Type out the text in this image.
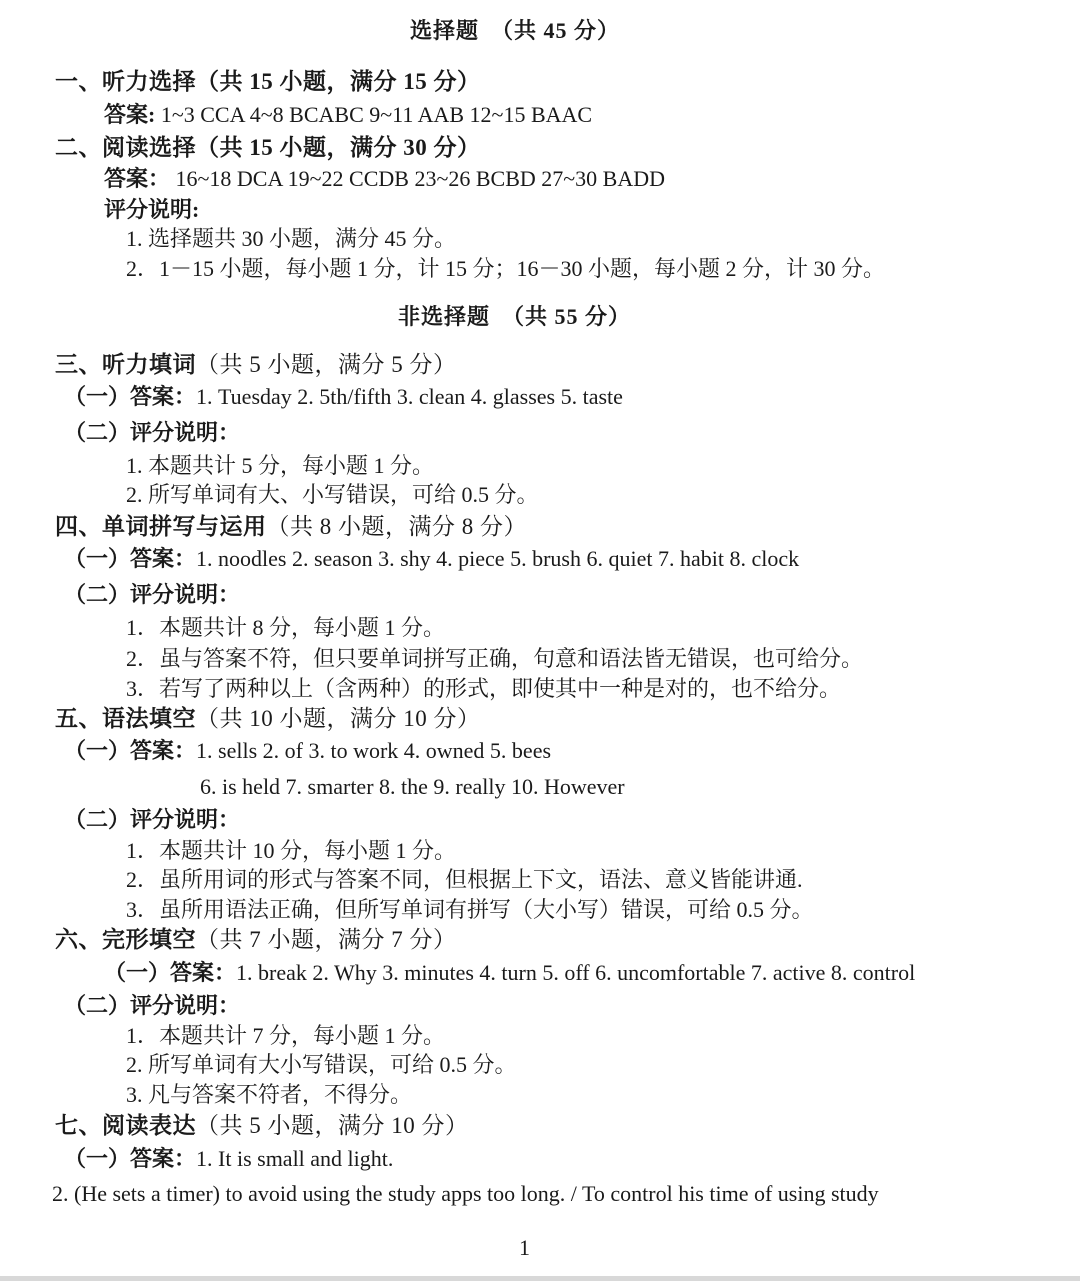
选择题　（共 45 分）
一、听力选择（共 15 小题，满分 15 分）
答案: 1~3 CCA 4~8 BCABC 9~11 AAB 12~15 BAAC
二、阅读选择（共 15 小题，满分 30 分）
答案： 16~18 DCA 19~22 CCDB 23~26 BCBD 27~30 BADD
评分说明:
1. 选择题共 30 小题，满分 45 分。
2．1－15 小题，每小题 1 分，计 15 分；16－30 小题，每小题 2 分，计 30 分。
非选择题　（共 55 分）
三、听力填词（共 5 小题，满分 5 分）
（一）答案：1. Tuesday 2. 5th/fifth 3. clean 4. glasses 5. taste
（二）评分说明：
1. 本题共计 5 分，每小题 1 分。
2. 所写单词有大、小写错误，可给 0.5 分。
四、单词拼写与运用（共 8 小题，满分 8 分）
（一）答案：1. noodles 2. season 3. shy 4. piece 5. brush 6. quiet 7. habit 8. clock
（二）评分说明：
1．本题共计 8 分，每小题 1 分。
2．虽与答案不符，但只要单词拼写正确，句意和语法皆无错误，也可给分。
3．若写了两种以上（含两种）的形式，即使其中一种是对的，也不给分。
五、语法填空（共 10 小题，满分 10 分）
（一）答案：1. sells 2. of 3. to work 4. owned 5. bees
6. is held 7. smarter 8. the 9. really 10. However
（二）评分说明：
1．本题共计 10 分，每小题 1 分。
2．虽所用词的形式与答案不同，但根据上下文，语法、意义皆能讲通.
3．虽所用语法正确，但所写单词有拼写（大小写）错误，可给 0.5 分。
六、完形填空（共 7 小题，满分 7 分）
（一）答案：1. break 2. Why 3. minutes 4. turn 5. off 6. uncomfortable 7. active 8. control
（二）评分说明：
1．本题共计 7 分，每小题 1 分。
2. 所写单词有大小写错误，可给 0.5 分。
3. 凡与答案不符者，不得分。
七、阅读表达（共 5 小题，满分 10 分）
（一）答案：1. It is small and light.
2. (He sets a timer) to avoid using the study apps too long. / To control his time of using study
1
